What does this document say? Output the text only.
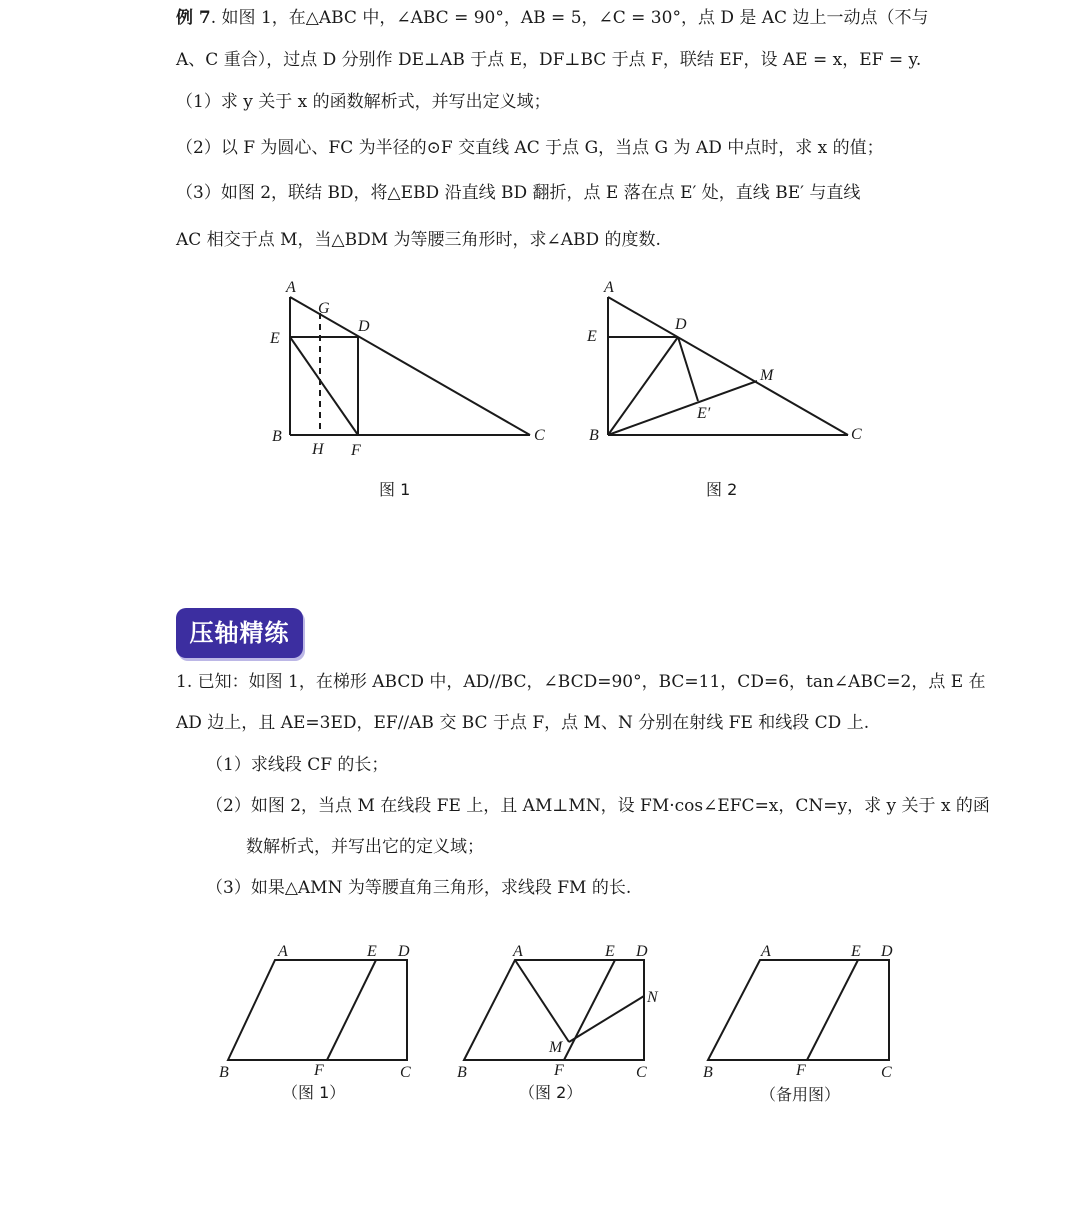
例 7. 如图 1，在△ABC 中，∠ABC = 90°，AB = 5，∠C = 30°，点 D 是 AC 边上一动点（不与
A、C 重合），过点 D 分别作 DE⊥AB 于点 E，DF⊥BC 于点 F，联结 EF，设 AE = x，EF = y.
（1）求 y 关于 x 的函数解析式，并写出定义域；
（2）以 F 为圆心、FC 为半径的⊙F 交直线 AC 于点 G，当点 G 为 AD 中点时，求 x 的值；
（3）如图 2，联结 BD，将△EBD 沿直线 BD 翻折，点 E 落在点 E′ 处，直线 BE′ 与直线
AC 相交于点 M，当△BDM 为等腰三角形时，求∠ABD 的度数.
压轴精练
1. 已知：如图 1，在梯形 ABCD 中，AD//BC，∠BCD=90°，BC=11，CD=6，tan∠ABC=2，点 E 在
AD 边上，且 AE=3ED，EF//AB 交 BC 于点 F，点 M、N 分别在射线 FE 和线段 CD 上.
（1）求线段 CF 的长；
（2）如图 2，当点 M 在线段 FE 上，且 AM⊥MN，设 FM·cos∠EFC=x，CN=y，求 y 关于 x 的函
数解析式，并写出它的定义域；
（3）如果△AMN 为等腰直角三角形，求线段 FM 的长.
A
G
D
E
B
H F
C
图 1
A
D
E
M
E′
B	C
图 2
A	E D
B	F	C
（图 1）
A	E D
N
M
B	F	C
（图 2）
A	E D
B	F	C
（备用图）
